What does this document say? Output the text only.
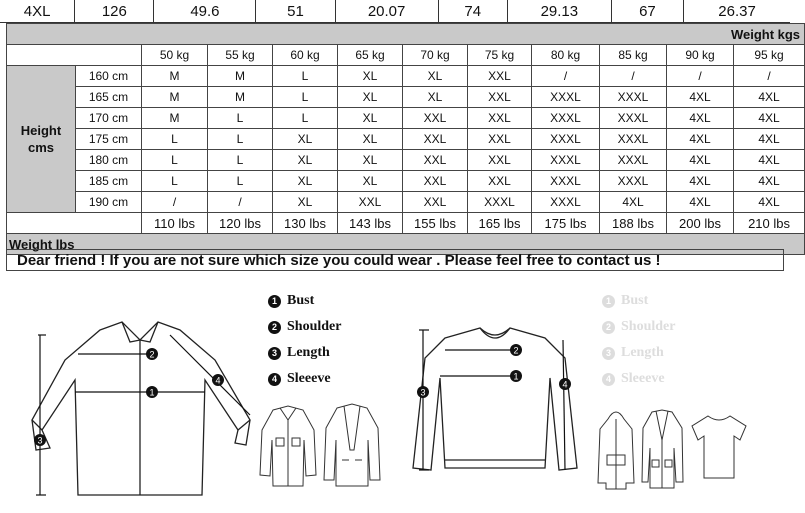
4XL	126	49.6	51	20.07	74	29.13	67	26.37
Weight kgs											
		50 kg	55 kg	60 kg	65 kg	70 kg	75 kg	80 kg	85 kg	90 kg	95 kg
Height
cms	160 cm	M	M	L	XL	XL	XXL	/	/	/	/
	165 cm	M	M	L	XL	XL	XXL	XXXL	XXXL	4XL	4XL
	170 cm	M	L	L	XL	XXL	XXL	XXXL	XXXL	4XL	4XL
	175 cm	L	L	XL	XL	XXL	XXL	XXXL	XXXL	4XL	4XL
	180 cm	L	L	XL	XL	XXL	XXL	XXXL	XXXL	4XL	4XL
	185 cm	L	L	XL	XL	XXL	XXL	XXXL	XXXL	4XL	4XL
	190 cm	/	/	XL	XXL	XXL	XXXL	XXXL	4XL	4XL	4XL
		110 lbs	120 lbs	130 lbs	143 lbs	155 lbs	165 lbs	175 lbs	188 lbs	200 lbs	210 lbs
Weight lbs											
Dear friend ! If you are not sure which size you could wear . Please feel free to contact us !
1 Bust
2 Shoulder
3 Length
4 Sleeeve
1 Bust
2 Shoulder
3 Length
4 Sleeeve
2
1
3
4
2
1
3
4
